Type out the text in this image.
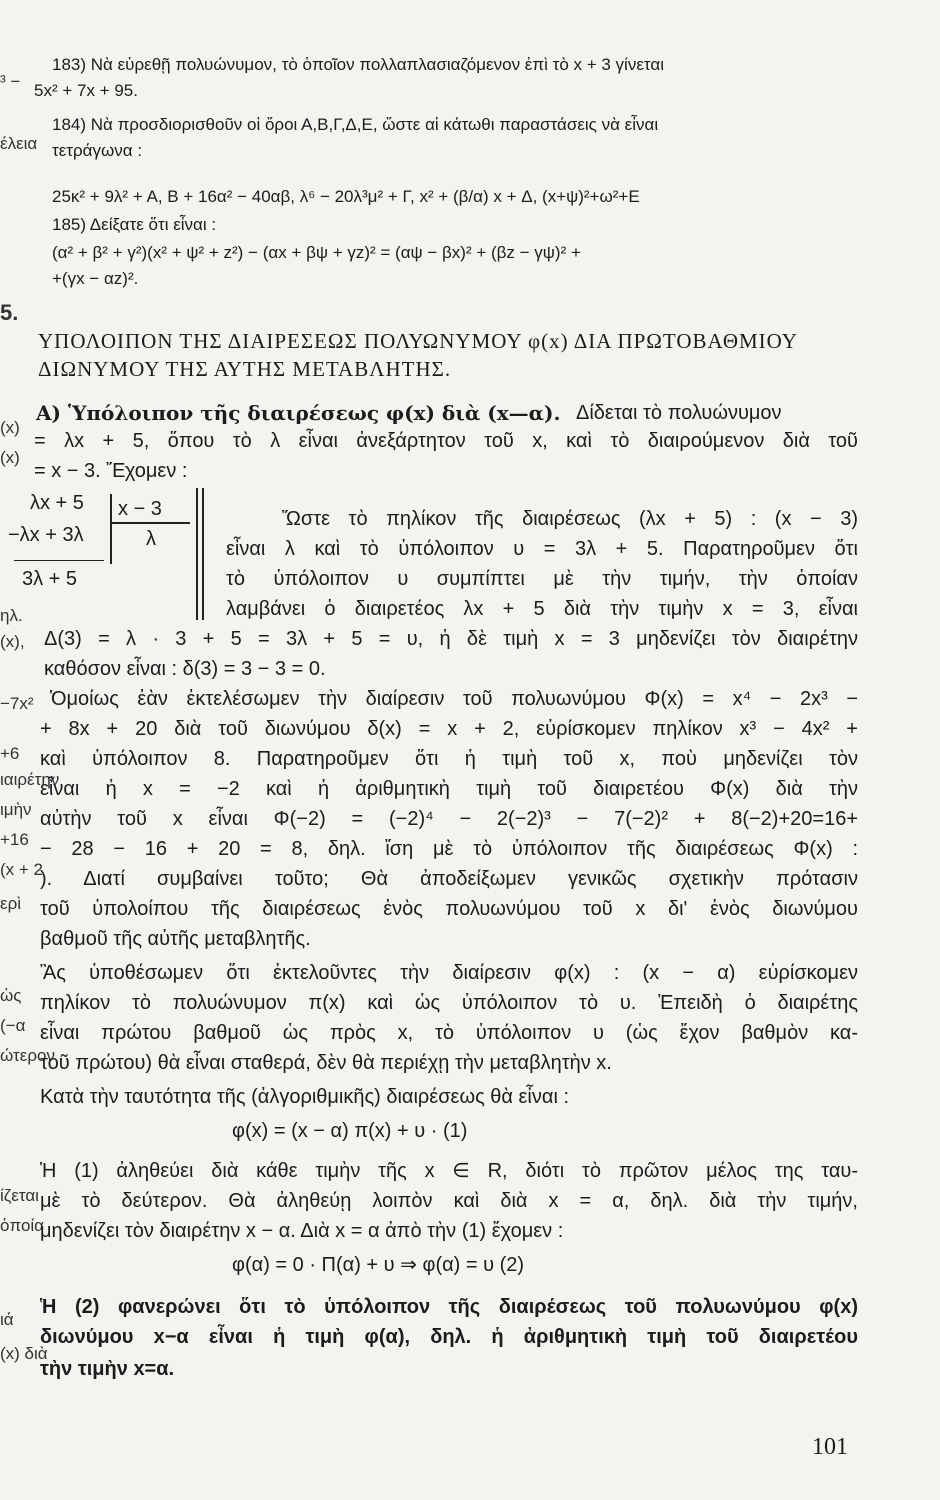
³ −
έλεια
5.
(x)
(x)
ηλ.
(x),
−7x²
+6
ιαιρέτην
ιμὴν
+16
(x + 2
ερὶ
ὡς
(−α
ώτερον
ίζεται
ὁποία
ιά
(x) διὰ

183) Νὰ εὑρεθῇ πολυώνυμον, τὸ ὁποῖον πολλαπλασιαζόμενον ἐπὶ τὸ x + 3 γίνεται

5x² + 7x + 95.

184) Νὰ προσδιορισθοῦν οἱ ὅροι Α,Β,Γ,Δ,Ε, ὥστε αἱ κάτωθι παραστάσεις νὰ εἶναι

τετράγωνα :

25κ² + 9λ² + Α, Β + 16α² − 40αβ, λ⁶ − 20λ³μ² + Γ, x² + (β/α) x + Δ, (x+ψ)²+ω²+Ε

185) Δείξατε ὅτι εἶναι :

(α² + β² + γ²)(x² + ψ² + z²) − (αx + βψ + γz)² = (αψ − βx)² + (βz − γψ)² +

+(γx − αz)².

ΥΠΟΛΟΙΠΟΝ ΤΗΣ ΔΙΑΙΡΕΣΕΩΣ ΠΟΛΥΩΝΥΜΟΥ φ(x) ΔΙΑ ΠΡΩΤΟΒΑΘΜΙΟΥ

ΔΙΩΝΥΜΟΥ ΤΗΣ ΑΥΤΗΣ ΜΕΤΑΒΛΗΤΗΣ.

Α) Ὑπόλοιπον τῆς διαιρέσεως φ(x) διὰ (x—α). Δίδεται τὸ πολυώνυμον

= λx + 5, ὅπου τὸ λ εἶναι ἀνεξάρτητον τοῦ x, καὶ τὸ διαιρούμενον διὰ τοῦ

= x − 3. Ἔχομεν :

λx + 5 x − 3
−λx + 3λ	λ
3λ + 5

Ὥστε τὸ πηλίκον τῆς διαιρέσεως (λx + 5) : (x − 3)

εἶναι λ καὶ τὸ ὑπόλοιπον υ = 3λ + 5. Παρατηροῦμεν ὅτι

τὸ ὑπόλοιπον υ συμπίπτει μὲ τὴν τιμήν, τὴν ὁποίαν

λαμβάνει ὁ διαιρετέος λx + 5 διὰ τὴν τιμὴν x = 3, εἶναι

Δ(3) = λ · 3 + 5 = 3λ + 5 = υ, ἡ δὲ τιμὴ x = 3 μηδενίζει τὸν διαιρέτην

καθόσον εἶναι : δ(3) = 3 − 3 = 0.

Ὁμοίως ἐὰν ἐκτελέσωμεν τὴν διαίρεσιν τοῦ πολυωνύμου Φ(x) = x⁴ − 2x³ −

+ 8x + 20 διὰ τοῦ διωνύμου δ(x) = x + 2, εὑρίσκομεν πηλίκον x³ − 4x² +

καὶ ὑπόλοιπον 8. Παρατηροῦμεν ὅτι ἡ τιμὴ τοῦ x, ποὺ μηδενίζει τὸν

εἶναι ἡ x = −2 καὶ ἡ ἀριθμητικὴ τιμὴ τοῦ διαιρετέου Φ(x) διὰ τὴν

αὐτὴν τοῦ x εἶναι Φ(−2) = (−2)⁴ − 2(−2)³ − 7(−2)² + 8(−2)+20=16+

− 28 − 16 + 20 = 8, δηλ. ἴση μὲ τὸ ὑπόλοιπον τῆς διαιρέσεως Φ(x) :

). Διατί συμβαίνει τοῦτο; Θὰ ἀποδείξωμεν γενικῶς σχετικὴν πρότασιν

τοῦ ὑπολοίπου τῆς διαιρέσεως ἑνὸς πολυωνύμου τοῦ x δι' ἑνὸς διωνύμου

βαθμοῦ τῆς αὐτῆς μεταβλητῆς.

Ἂς ὑποθέσωμεν ὅτι ἐκτελοῦντες τὴν διαίρεσιν φ(x) : (x − α) εὑρίσκομεν

πηλίκον τὸ πολυώνυμον π(x) καὶ ὡς ὑπόλοιπον τὸ υ. Ἐπειδὴ ὁ διαιρέτης

εἶναι πρώτου βαθμοῦ ὡς πρὸς x, τὸ ὑπόλοιπον υ (ὡς ἔχον βαθμὸν κα-

τοῦ πρώτου) θὰ εἶναι σταθερά, δὲν θὰ περιέχῃ τὴν μεταβλητὴν x.

Κατὰ τὴν ταυτότητα τῆς (ἀλγοριθμικῆς) διαιρέσεως θὰ εἶναι :

φ(x) = (x − α) π(x) + υ · (1)

Ἡ (1) ἀληθεύει διὰ κάθε τιμὴν τῆς x ∈ R, διότι τὸ πρῶτον μέλος της ταυ-

μὲ τὸ δεύτερον. Θὰ ἀληθεύῃ λοιπὸν καὶ διὰ x = α, δηλ. διὰ τὴν τιμήν,

μηδενίζει τὸν διαιρέτην x − α. Διὰ x = α ἀπὸ τὴν (1) ἔχομεν :

φ(α) = 0 · Π(α) + υ ⇒ φ(α) = υ (2)

Ἡ (2) φανερώνει ὅτι τὸ ὑπόλοιπον τῆς διαιρέσεως τοῦ πολυωνύμου φ(x)

διωνύμου x−α εἶναι ἡ τιμὴ φ(α), δηλ. ἡ ἀριθμητικὴ τιμὴ τοῦ διαιρετέου

τὴν τιμὴν x=α.

101
